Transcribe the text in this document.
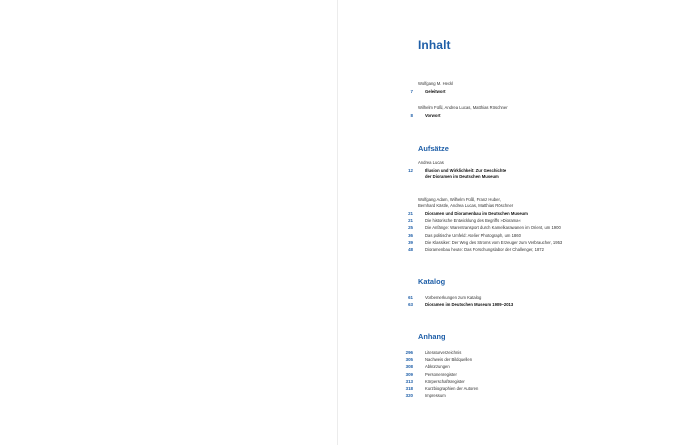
Inhalt
Wolfgang M. Heckl
7	Geleitwort
Wilhelm Füßl, Andrea Lucas, Matthias Röschner
8	Vorwort
Aufsätze
Andrea Lucas
12	Illusion und Wirklichkeit: Zur Geschichte
der Dioramen im Deutschen Museum
Wolfgang Adam, Wilhelm Füßl, Franz Huber,
Bernhard Kästle, Andrea Lucas, Matthias Röschner
21	Dioramen und Dioramenbau im Deutschen Museum
21	Die historische Entwicklung des Begriffs »Diorama«
25	Die Anfänge: Warentransport durch Kamelkarawanen im Orient, um 1900
36	Das politische Umfeld: Atelier Photograph, um 1860
39	Die Klassiker: Der Weg des Stroms vom Erzeuger zum Verbraucher, 1953
48	Dioramenbau heute: Das Forschungslabor der Challenger, 1872
Katalog
61	Vorbemerkungen zum Katalog
63	Dioramen im Deutschen Museum 1909–2013
Anhang
296	Literaturverzeichnis
305	Nachweis der Bildquellen
308	Abkürzungen
309	Personenregister
313	Körperschaftsregister
318	Kurzbiographien der Autoren
320	Impressum
